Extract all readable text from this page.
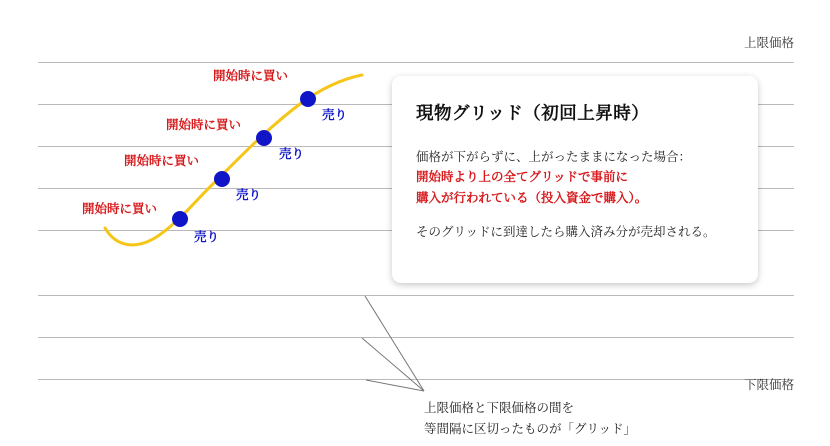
上限価格
下限価格
開始時に買い
開始時に買い
開始時に買い
開始時に買い
売り
売り
売り
売り	現物グリッド（初回上昇時）
価格が下がらずに、上がったままになった場合：
開始時より上の全てグリッドで事前に
購入が行われている（投入資金で購入）。
そのグリッドに到達したら購入済み分が売却される。
上限価格と下限価格の間を
等間隔に区切ったものが「グリッド」
